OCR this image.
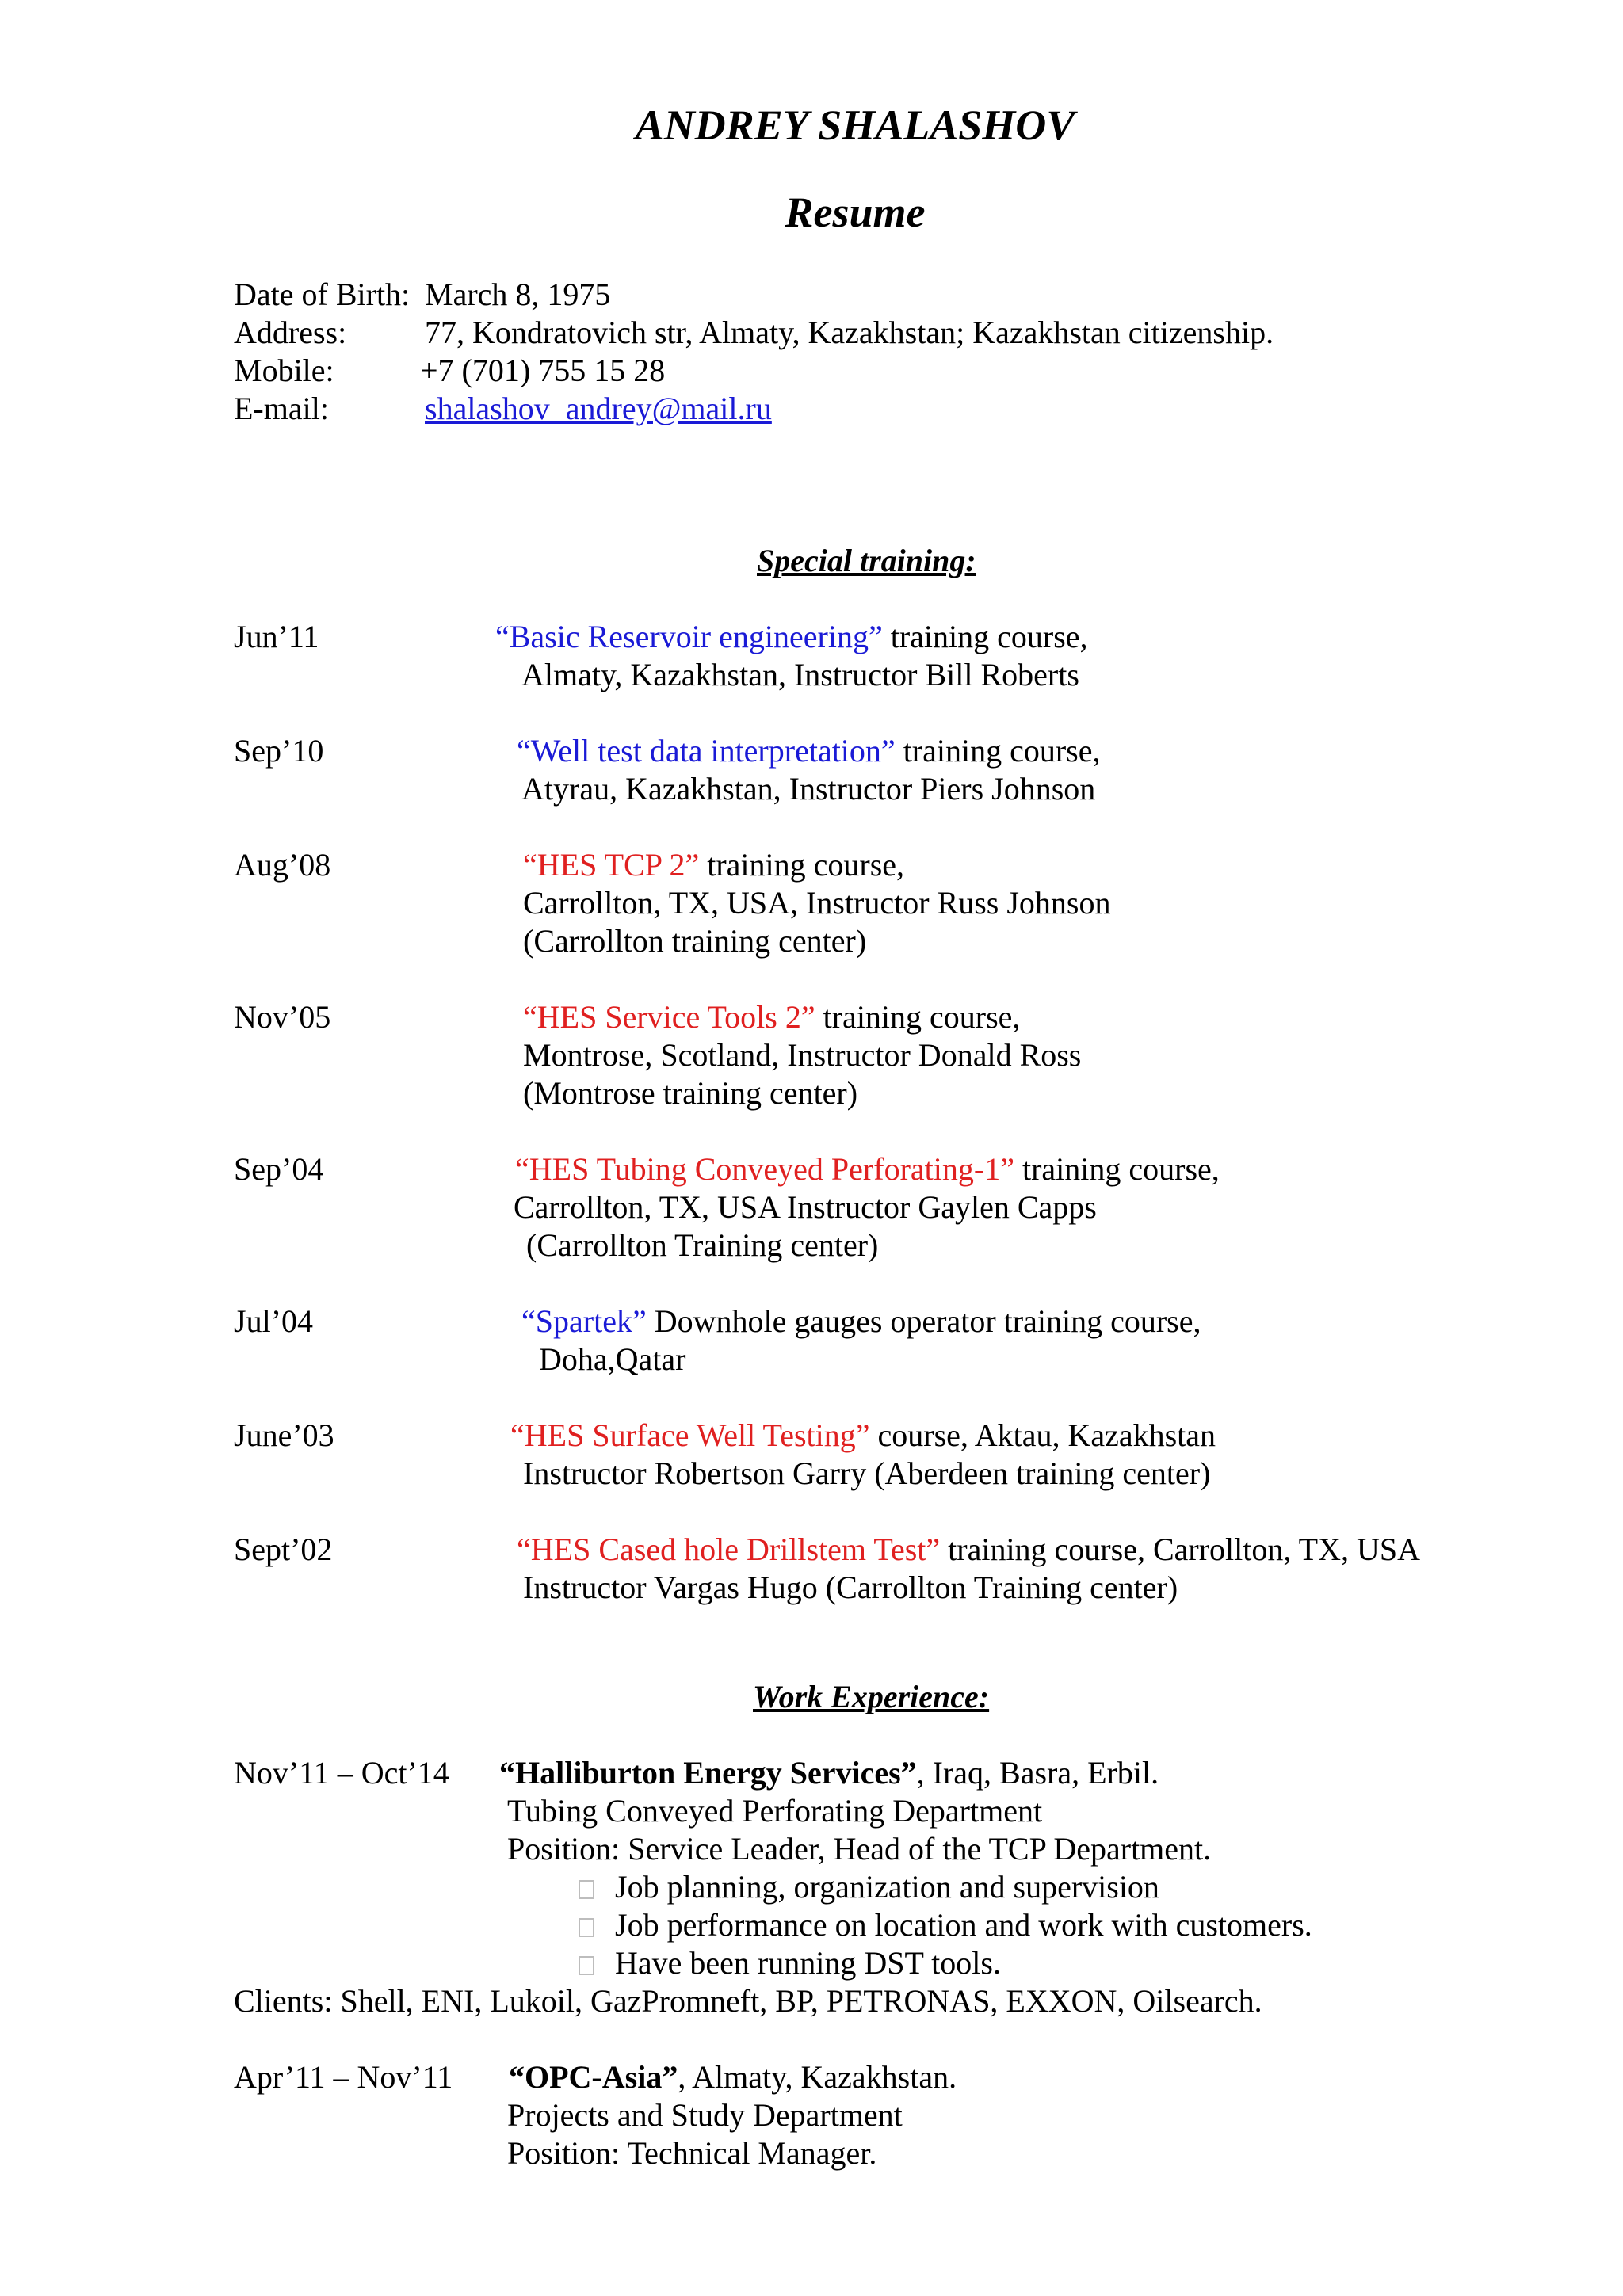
ANDREY SHALASHOV
Resume
Date of Birth: March 8, 1975
Address: 77, Kondratovich str, Almaty, Kazakhstan; Kazakhstan citizenship.
Mobile:	+7 (701) 755 15 28
E-mail:	shalashov_andrey@mail.ru
Special training:
Jun’11	“Basic Reservoir engineering” training course,
Almaty, Kazakhstan, Instructor Bill Roberts
Sep’10	“Well test data interpretation” training course,
Atyrau, Kazakhstan, Instructor Piers Johnson
Aug’08	“HES TCP 2” training course,
Carrollton, TX, USA, Instructor Russ Johnson
(Carrollton training center)
Nov’05	“HES Service Tools 2” training course,
Montrose, Scotland, Instructor Donald Ross
(Montrose training center)
Sep’04	“HES Tubing Conveyed Perforating-1” training course,
Carrollton, TX, USA Instructor Gaylen Capps
(Carrollton Training center)
Jul’04	“Spartek” Downhole gauges operator training course,
Doha,Qatar
June’03	“HES Surface Well Testing” course, Aktau, Kazakhstan
Instructor Robertson Garry (Aberdeen training center)
Sept’02	“HES Cased hole Drillstem Test” training course, Carrollton, TX, USA
Instructor Vargas Hugo (Carrollton Training center)
Work Experience:
Nov’11 – Oct’14 “Halliburton Energy Services”, Iraq, Basra, Erbil.
Tubing Conveyed Perforating Department
Position: Service Leader, Head of the TCP Department.
Job planning, organization and supervision
Job performance on location and work with customers.
Have been running DST tools.
Clients: Shell, ENI, Lukoil, GazPromneft, BP, PETRONAS, EXXON, Oilsearch.
Apr’11 – Nov’11 “OPC-Asia”, Almaty, Kazakhstan.
Projects and Study Department
Position: Technical Manager.
